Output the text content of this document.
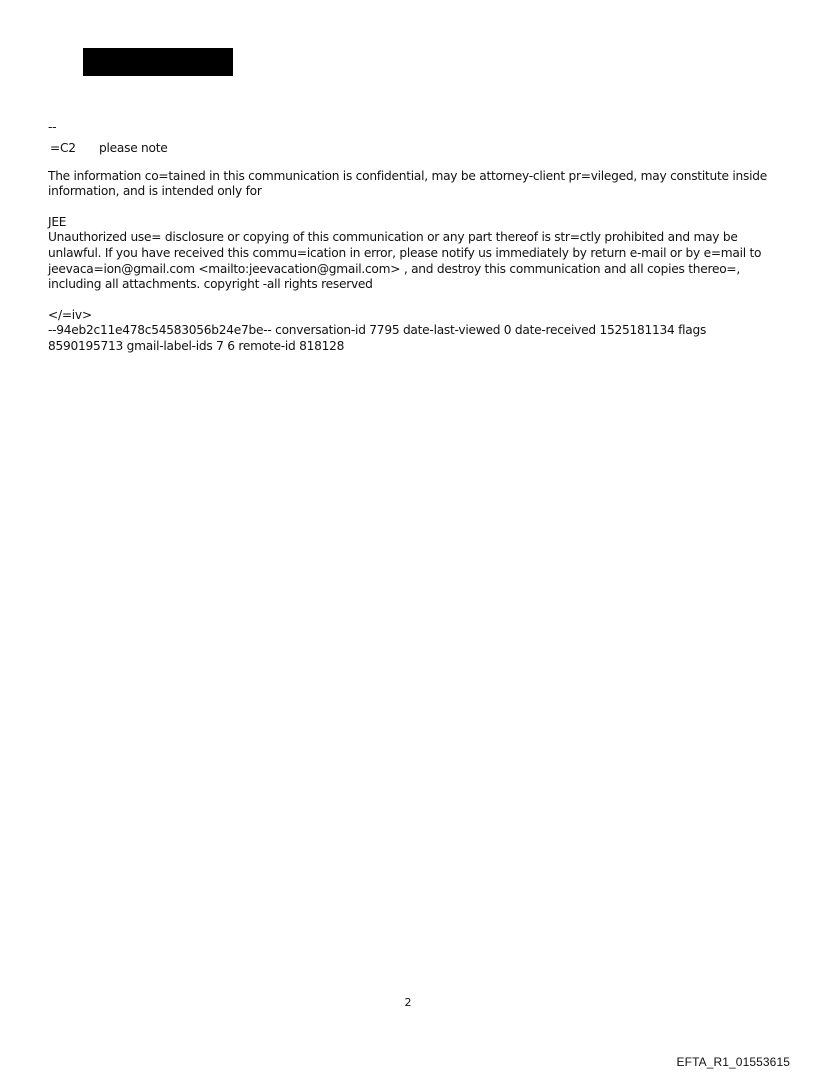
--
=C2	please note

The information co=tained in this communication is confidential, may be attorney-client pr=vileged, may constitute inside information, and is intended only for

JEE

Unauthorized use= disclosure or copying of this communication or any part thereof is str=ctly prohibited and may be unlawful. If you have received this commu=ication in error, please notify us immediately by return e-mail or by e=mail to jeevaca=ion@gmail.com <mailto:jeevacation@gmail.com> , and destroy this communication and all copies thereo=, including all attachments. copyright -all rights reserved

</=iv>

--94eb2c11e478c54583056b24e7be-- conversation-id 7795 date-last-viewed 0 date-received 1525181134 flags 8590195713 gmail-label-ids 7 6 remote-id 818128

2
EFTA_R1_01553615
